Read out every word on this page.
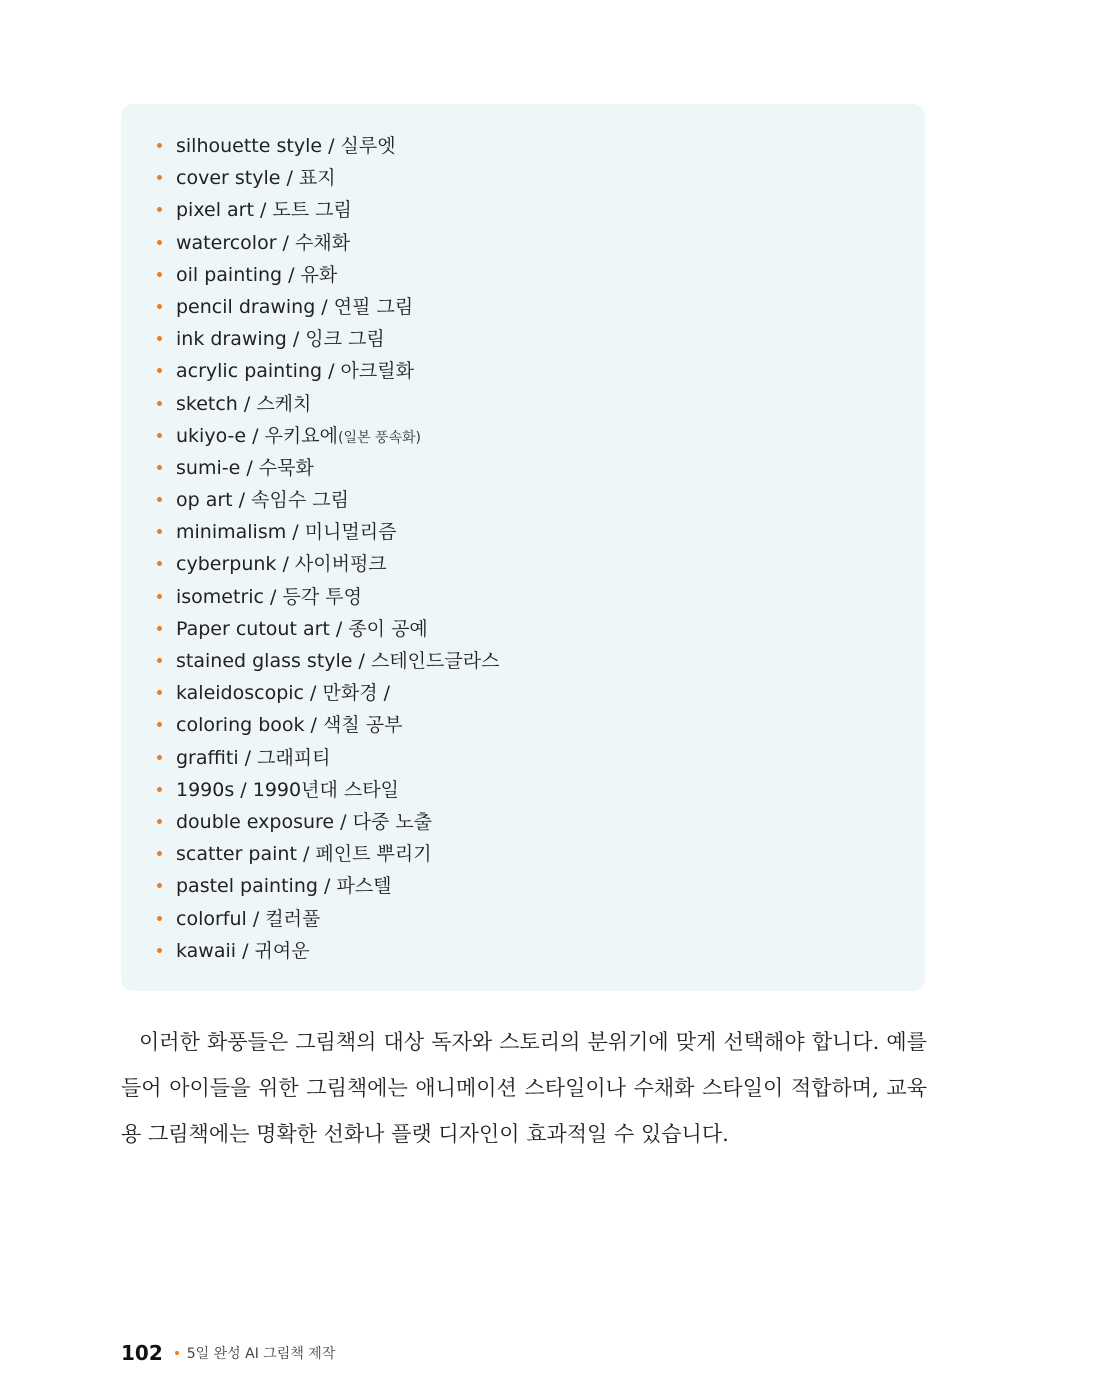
silhouette style / 실루엣
cover style / 표지
pixel art / 도트 그림
watercolor / 수채화
oil painting / 유화
pencil drawing / 연필 그림
ink drawing / 잉크 그림
acrylic painting / 아크릴화
sketch / 스케치
ukiyo-e / 우키요에(일본 풍속화)
sumi-e / 수묵화
op art / 속임수 그림
minimalism / 미니멀리즘
cyberpunk / 사이버펑크
isometric / 등각 투영
Paper cutout art / 종이 공예
stained glass style / 스테인드글라스
kaleidoscopic / 만화경 /
coloring book / 색칠 공부
graffiti / 그래피티
1990s / 1990년대 스타일
double exposure / 다중 노출
scatter paint / 페인트 뿌리기
pastel painting / 파스텔
colorful / 컬러풀
kawaii / 귀여운

이러한 화풍들은 그림책의 대상 독자와 스토리의 분위기에 맞게 선택해야 합니다. 예를 들어 아이들을 위한 그림책에는 애니메이션 스타일이나 수채화 스타일이 적합하며, 교육용 그림책에는 명확한 선화나 플랫 디자인이 효과적일 수 있습니다.

102 5일 완성 AI 그림책 제작
